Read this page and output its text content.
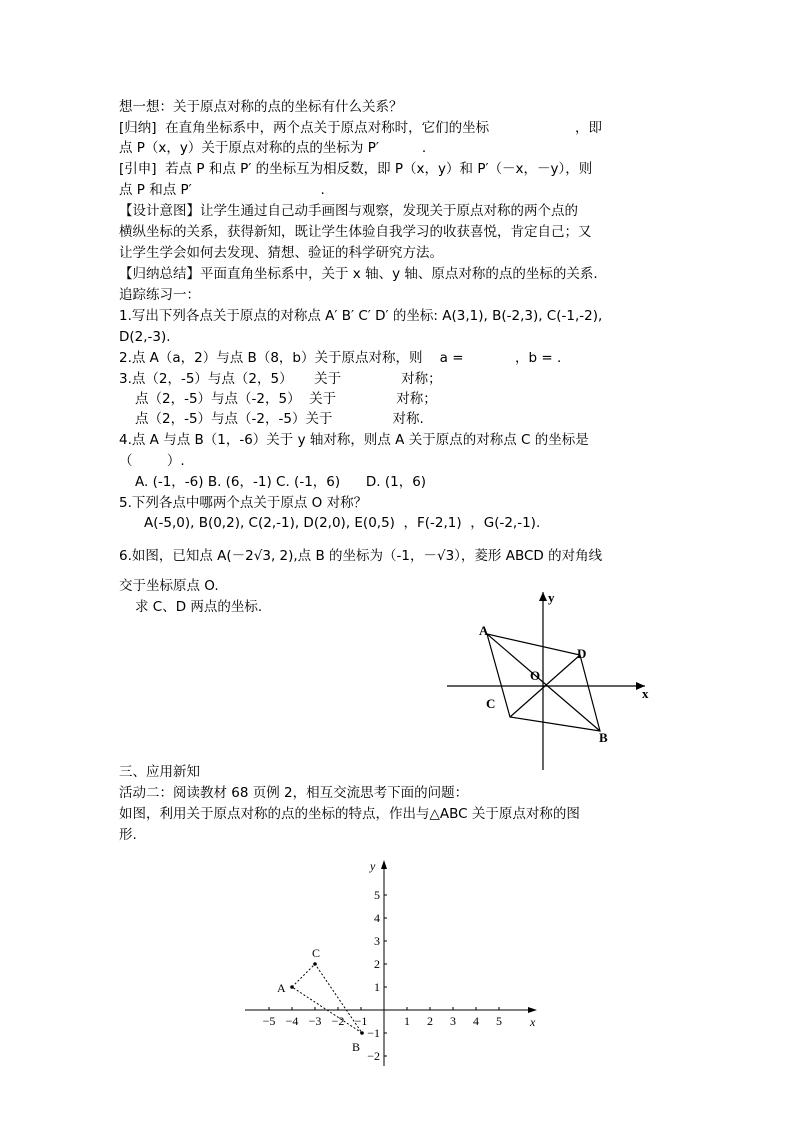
想一想：关于原点对称的点的坐标有什么关系？
[归纳]  在直角坐标系中，两个点关于原点对称时，它们的坐标                    ，即
点 P（x，y）关于原点对称的点的坐标为 P′          .
[引申]  若点 P 和点 P′ 的坐标互为相反数，即 P（x，y）和 P′（－x，－y），则
点 P 和点 P′                              .
【设计意图】让学生通过自己动手画图与观察，发现关于原点对称的两个点的
横纵坐标的关系，获得新知，既让学生体验自我学习的收获喜悦，肯定自己；又
让学生学会如何去发现、猜想、验证的科学研究方法。
【归纳总结】平面直角坐标系中，关于 x 轴、y 轴、原点对称的点的坐标的关系.
追踪练习一：
1.写出下列各点关于原点的对称点 A′ B′ C′ D′ 的坐标: A(3,1), B(-2,3), C(-1,-2),
D(2,-3).
2.点 A（a，2）与点 B（8，b）关于原点对称，则    a =            ，b = .
3.点（2，-5）与点（2，5）     关于              对称；
点（2，-5）与点（-2，5）  关于              对称；
点（2，-5）与点（-2，-5）关于              对称.
4.点 A 与点 B（1，-6）关于 y 轴对称，则点 A 关于原点的对称点 C 的坐标是
（        ）.
A. (-1，-6) B. (6，-1) C. (-1，6)      D. (1，6)
5.下列各点中哪两个点关于原点 O 对称？
A(-5,0), B(0,2), C(2,-1), D(2,0), E(0,5)  ，F(-2,1)  ，G(-2,-1).
6.如图，已知点 A(－2√3, 2),点 B 的坐标为（-1，－√3），菱形 ABCD 的对角线
交于坐标原点 O.
求 C、D 两点的坐标.
三、应用新知
活动二：阅读教材 68 页例 2，相互交流思考下面的问题：
如图，利用关于原点对称的点的坐标的特点，作出与△ABC 关于原点对称的图
形.
x
y
A
D
O
C
B
x
y
−5 −4 −3 −2 −1	1 2 3 4 5
5
4
3
2
1
−1
−2
A
C
B
